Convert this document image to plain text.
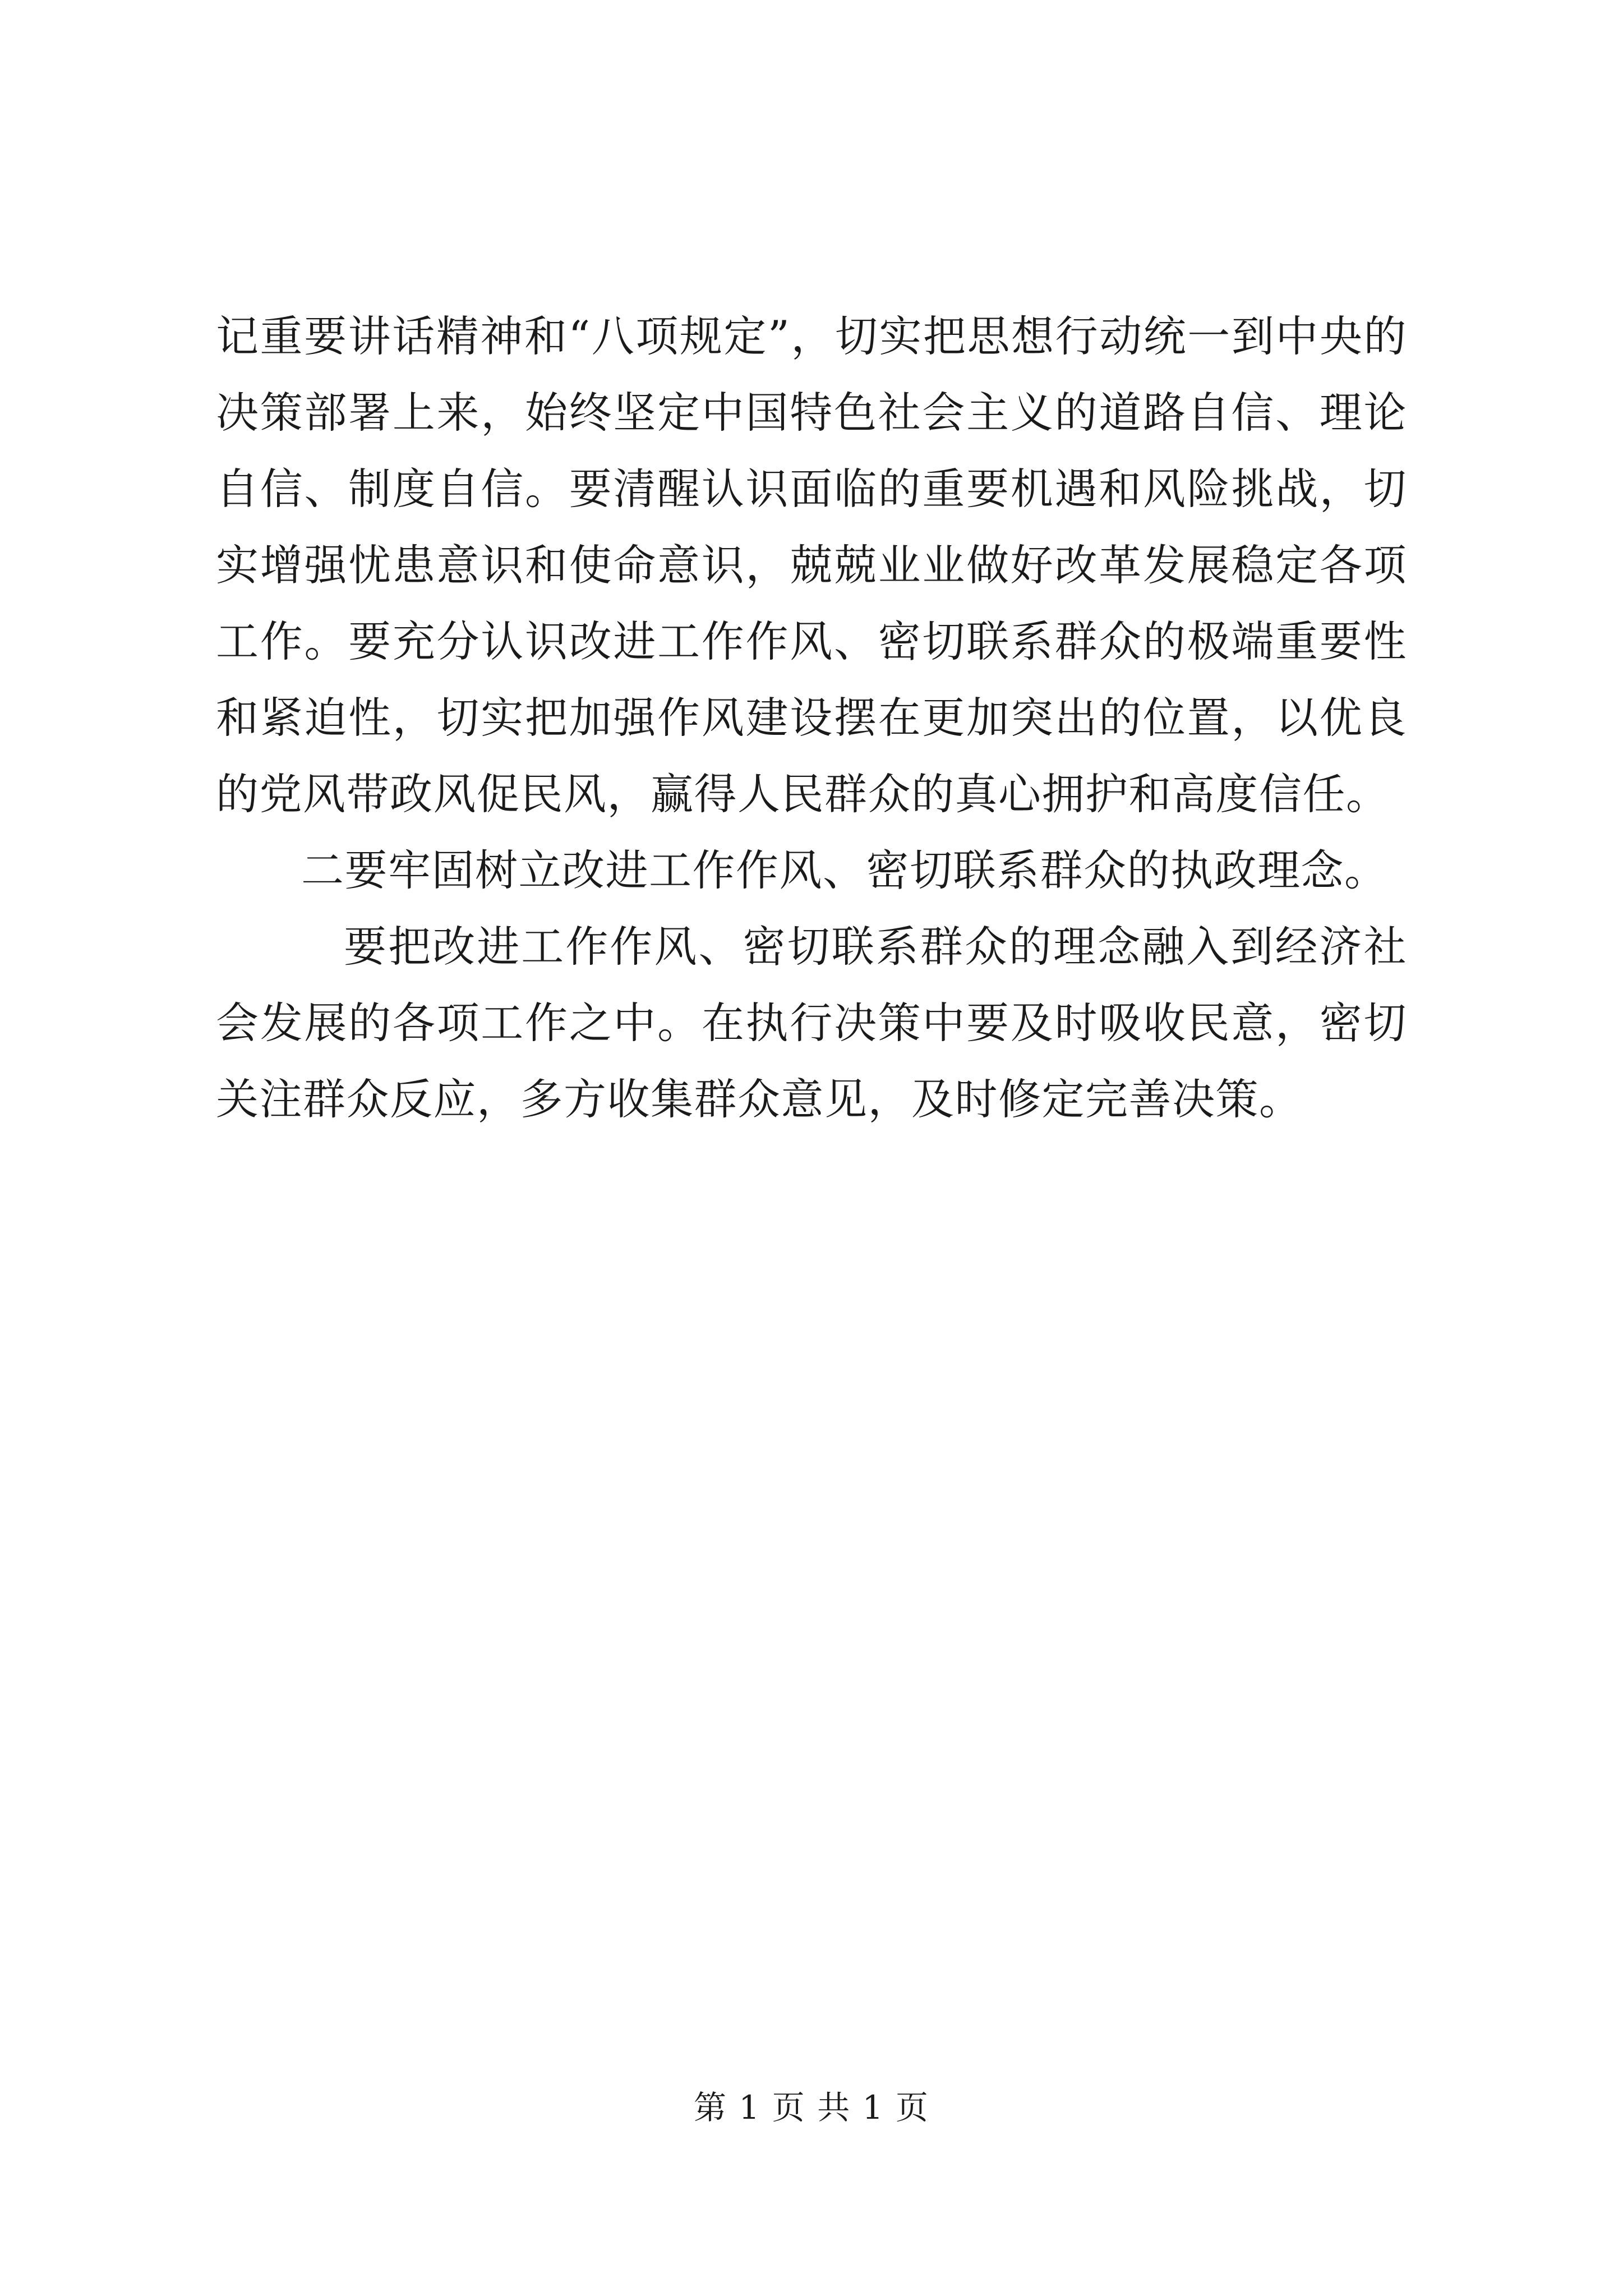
记重要讲话精神和“八项规定”，切实把思想行动统一到中央的决策部署上来，始终坚定中国特色社会主义的道路自信、理论自信、制度自信。要清醒认识面临的重要机遇和风险挑战，切实增强忧患意识和使命意识，兢兢业业做好改革发展稳定各项工作。要充分认识改进工作作风、密切联系群众的极端重要性和紧迫性，切实把加强作风建设摆在更加突出的位置，以优良的党风带政风促民风，赢得人民群众的真心拥护和高度信任。

二要牢固树立改进工作作风、密切联系群众的执政理念。

要把改进工作作风、密切联系群众的理念融入到经济社会发展的各项工作之中。在执行决策中要及时吸收民意，密切关注群众反应，多方收集群众意见，及时修定完善决策。

第 1 页 共 1 页
